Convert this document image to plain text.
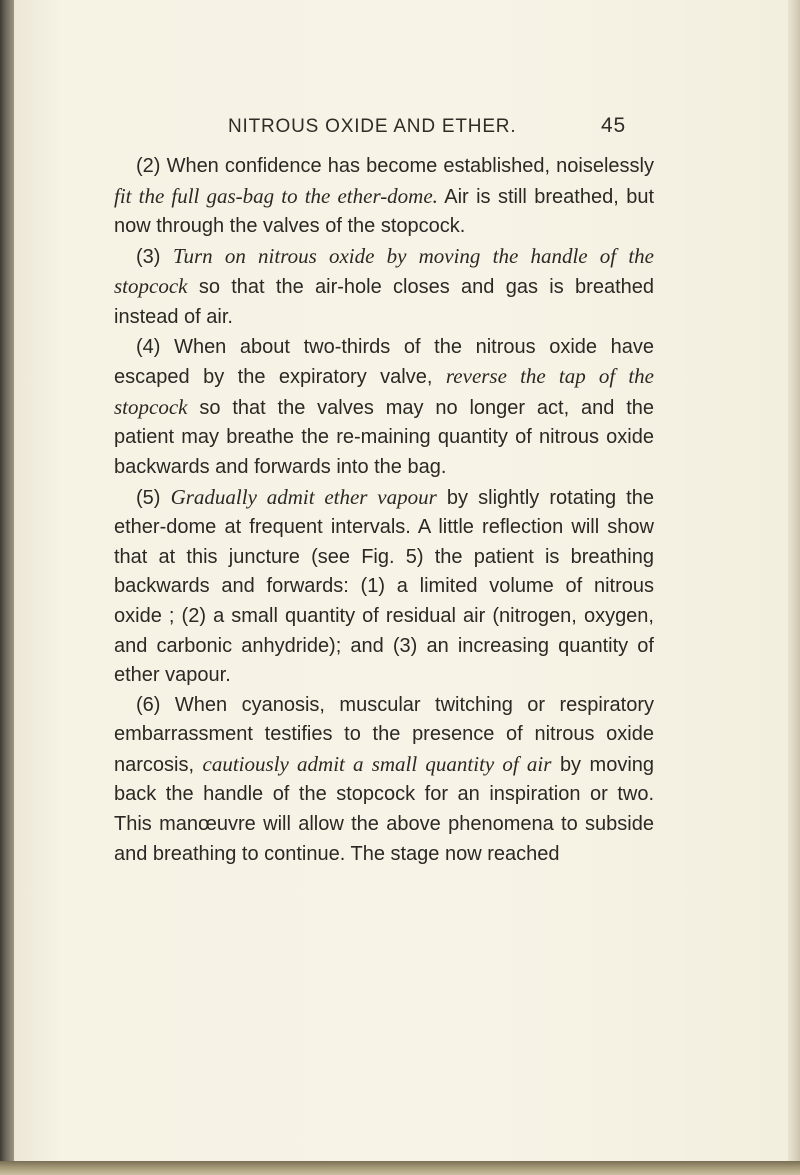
NITROUS OXIDE AND ETHER.	45

(2) When confidence has become established, noiselessly fit the full gas-bag to the ether-dome. Air is still breathed, but now through the valves of the stopcock.

(3) Turn on nitrous oxide by moving the handle of the stopcock so that the air-hole closes and gas is breathed instead of air.

(4) When about two-thirds of the nitrous oxide have escaped by the expiratory valve, reverse the tap of the stopcock so that the valves may no longer act, and the patient may breathe the re-maining quantity of nitrous oxide backwards and forwards into the bag.

(5) Gradually admit ether vapour by slightly rotating the ether-dome at frequent intervals. A little reflection will show that at this juncture (see Fig. 5) the patient is breathing backwards and forwards: (1) a limited volume of nitrous oxide ; (2) a small quantity of residual air (nitrogen, oxygen, and carbonic anhydride); and (3) an increasing quantity of ether vapour.

(6) When cyanosis, muscular twitching or respiratory embarrassment testifies to the presence of nitrous oxide narcosis, cautiously admit a small quantity of air by moving back the handle of the stopcock for an inspiration or two. This manœuvre will allow the above phenomena to subside and breathing to continue. The stage now reached
